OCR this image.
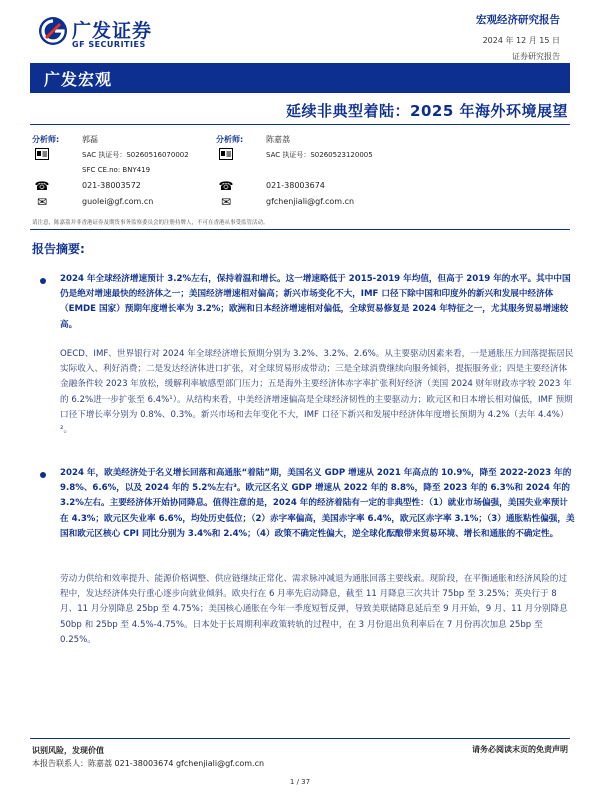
广发证券
GF SECURITIES
宏观经济研究报告
2024 年 12 月 15 日
证券研究报告
广发宏观
延续非典型着陆：2025 年海外环境展望
分析师:	郭磊
SAC 执证号：S0260516070002
SFC CE.no: BNY419
☎	021-38003572
✉	guolei@gf.com.cn
分析师:	陈嘉荔
SAC 执证号：S0260523120005
☎	021-38003674
✉	gfchenjiali@gf.com.cn
请注意，陈嘉荔并非香港证券及期货事务监察委员会的注册持牌人，不可在香港从事受监管活动。
报告摘要:
2024 年全球经济增速预计 3.2%左右，保持着温和增长。这一增速略低于 2015-2019 年均值，但高于 2019 年的水平。其中中国仍是绝对增速最快的经济体之一；美国经济增速相对偏高；新兴市场变化不大，IMF 口径下除中国和印度外的新兴和发展中经济体（EMDE 国家）预期年度增长率为 3.2%；欧洲和日本经济增速相对偏低，全球贸易修复是 2024 年特征之一，尤其服务贸易增速较高。
OECD、IMF、世界银行对 2024 年全球经济增长预期分别为 3.2%、3.2%、2.6%。从主要驱动因素来看，一是通胀压力回落提振居民实际收入、利好消费；二是发达经济体进口扩张，对全球贸易形成带动；三是全球消费继续向服务倾斜，提振服务业；四是主要经济体金融条件较 2023 年放松，缓解利率敏感型部门压力；五是海外主要经济体赤字率扩张利好经济（美国 2024 财年财政赤字较 2023 年的 6.2%进一步扩张至 6.4%¹）。从结构来看，中美经济增速偏高是全球经济韧性的主要驱动力；欧元区和日本增长相对偏低，IMF 预期口径下增长率分别为 0.8%、0.3%。新兴市场和去年变化不大，IMF 口径下新兴和发展中经济体年度增长预期为 4.2%（去年 4.4%）²。
2024 年，欧美经济处于名义增长回落和高通胀“着陆”期，美国名义 GDP 增速从 2021 年高点的 10.9%，降至 2022-2023 年的 9.8%、6.6%，以及 2024 年的 5.2%左右³。欧元区名义 GDP 增速从 2022 年的 8.8%，降至 2023 年的 6.3%和 2024 年的 3.2%左右。主要经济体开始协同降息。值得注意的是，2024 年的经济着陆有一定的非典型性：（1）就业市场偏强，美国失业率预计在 4.3%；欧元区失业率 6.6%，均处历史低位；（2）赤字率偏高，美国赤字率 6.4%，欧元区赤字率 3.1%；（3）通胀粘性偏强，美国和欧元区核心 CPI 同比分别为 3.4%和 2.4%；（4）政策不确定性偏大，逆全球化酝酿带来贸易环境、增长和通胀的不确定性。
劳动力供给和效率提升、能源价格调整、供应链继续正常化、需求脉冲减退为通胀回落主要线索。现阶段，在平衡通胀和经济风险的过程中，发达经济体央行重心逐步向就业倾斜。欧央行在 6 月率先启动降息，截至 11 月降息三次共计 75bp 至 3.25%；英央行于 8 月、11 月分别降息 25bp 至 4.75%；美国核心通胀在今年一季度短暂反弹，导致美联储降息延后至 9 月开始，9 月、11 月分别降息 50bp 和 25bp 至 4.5%-4.75%。日本处于长周期利率政策转轨的过程中，在 3 月份退出负利率后在 7 月份再次加息 25bp 至 0.25%。
识别风险，发现价值
本报告联系人：陈嘉荔 021-38003674 gfchenjiali@gf.com.cn
请务必阅读末页的免责声明
1 / 37
